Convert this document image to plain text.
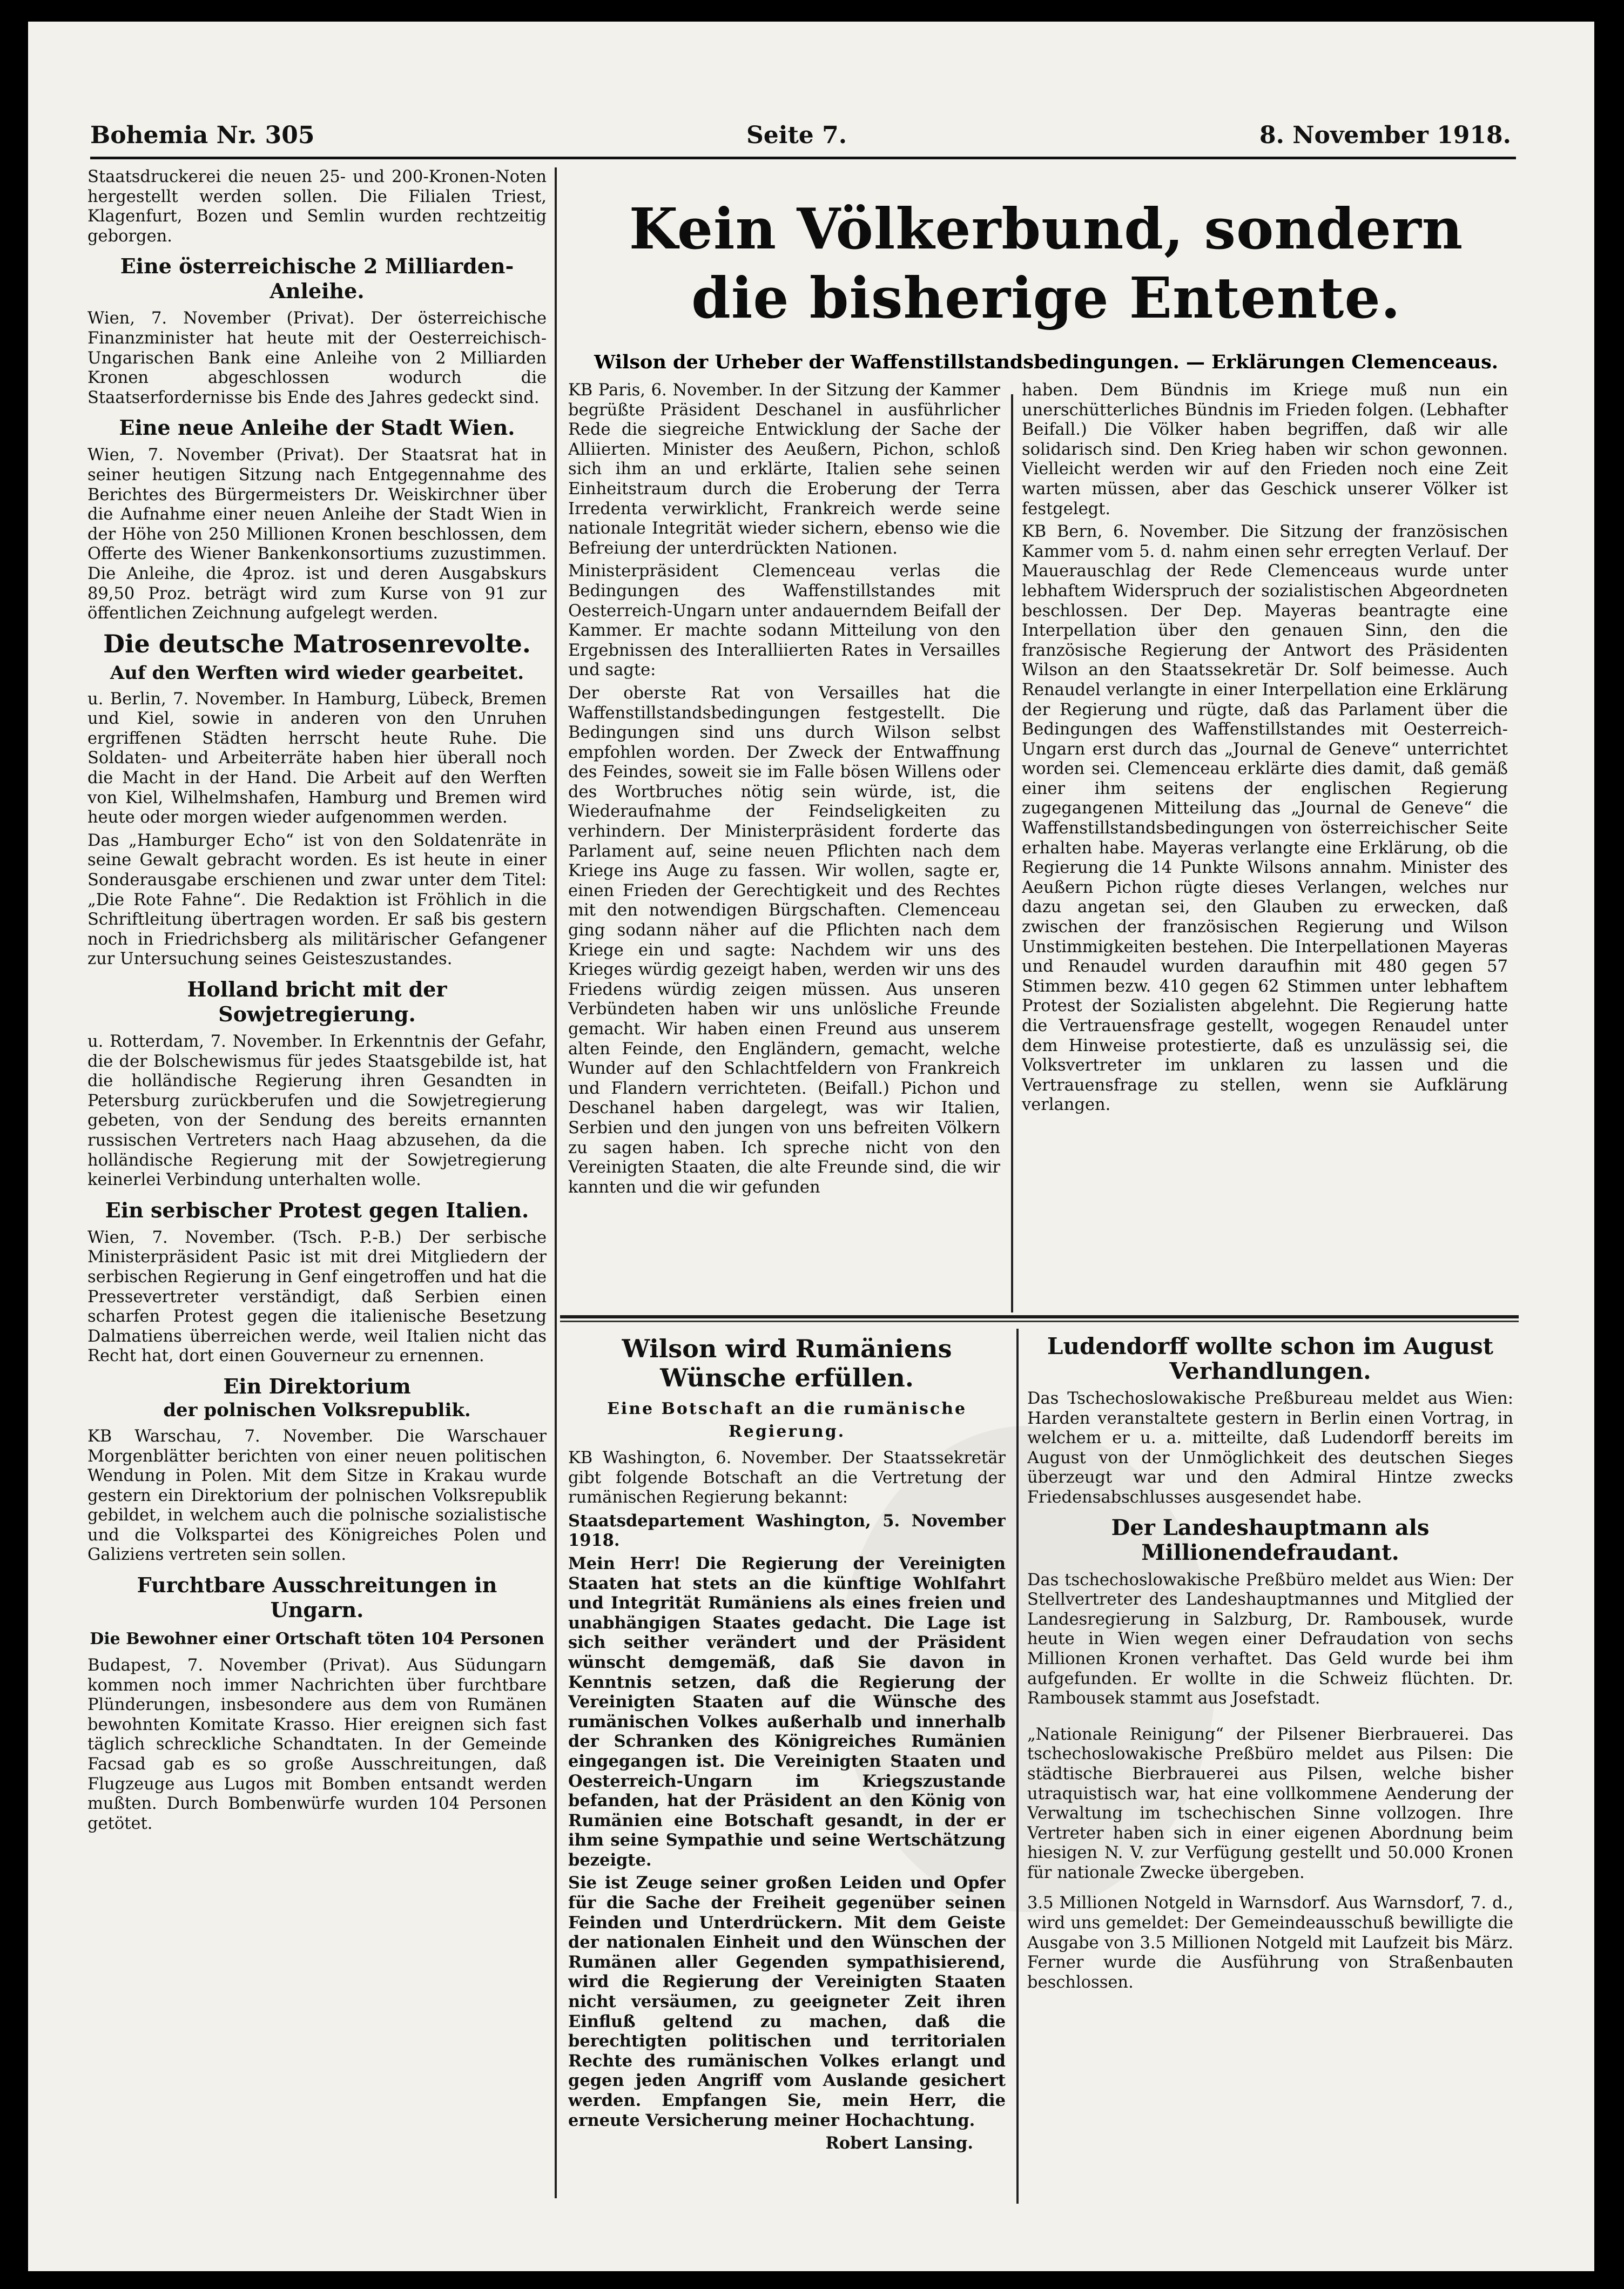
Bohemia Nr. 305	Seite 7.	8. November 1918.

Staatsdruckerei die neuen 25- und 200-Kronen-Noten hergestellt werden sollen. Die Filialen Triest, Klagenfurt, Bozen und Semlin wurden rechtzeitig geborgen.

Eine österreichische 2 Milliarden-Anleihe.

Wien, 7. November (Privat). Der österreichische Finanzminister hat heute mit der Oesterreichisch-Ungarischen Bank eine Anleihe von 2 Milliarden Kronen abgeschlossen wodurch die Staatserfordernisse bis Ende des Jahres gedeckt sind.

Eine neue Anleihe der Stadt Wien.

Wien, 7. November (Privat). Der Staatsrat hat in seiner heutigen Sitzung nach Entgegennahme des Berichtes des Bürgermeisters Dr. Weiskirchner über die Aufnahme einer neuen Anleihe der Stadt Wien in der Höhe von 250 Millionen Kronen beschlossen, dem Offerte des Wiener Bankenkonsortiums zuzustimmen. Die Anleihe, die 4proz. ist und deren Ausgabskurs 89,50 Proz. beträgt wird zum Kurse von 91 zur öffentlichen Zeichnung aufgelegt werden.

Die deutsche Matrosenrevolte.
Auf den Werften wird wieder gearbeitet.

u. Berlin, 7. November. In Hamburg, Lübeck, Bremen und Kiel, sowie in anderen von den Unruhen ergriffenen Städten herrscht heute Ruhe. Die Soldaten- und Arbeiterräte haben hier überall noch die Macht in der Hand. Die Arbeit auf den Werften von Kiel, Wilhelmshafen, Hamburg und Bremen wird heute oder morgen wieder aufgenommen werden.

Das „Hamburger Echo“ ist von den Soldatenräte in seine Gewalt gebracht worden. Es ist heute in einer Sonderausgabe erschienen und zwar unter dem Titel: „Die Rote Fahne“. Die Redaktion ist Fröhlich in die Schriftleitung übertragen worden. Er saß bis gestern noch in Friedrichsberg als militärischer Gefangener zur Untersuchung seines Geisteszustandes.

Holland bricht mit der Sowjetregierung.

u. Rotterdam, 7. November. In Erkenntnis der Gefahr, die der Bolschewismus für jedes Staatsgebilde ist, hat die holländische Regierung ihren Gesandten in Petersburg zurückberufen und die Sowjetregierung gebeten, von der Sendung des bereits ernannten russischen Vertreters nach Haag abzusehen, da die holländische Regierung mit der Sowjetregierung keinerlei Verbindung unterhalten wolle.

Ein serbischer Protest gegen Italien.

Wien, 7. November. (Tsch. P.-B.) Der serbische Ministerpräsident Pasic ist mit drei Mitgliedern der serbischen Regierung in Genf eingetroffen und hat die Pressevertreter verständigt, daß Serbien einen scharfen Protest gegen die italienische Besetzung Dalmatiens überreichen werde, weil Italien nicht das Recht hat, dort einen Gouverneur zu ernennen.

Ein Direktorium
der polnischen Volksrepublik.

KB Warschau, 7. November. Die Warschauer Morgenblätter berichten von einer neuen politischen Wendung in Polen. Mit dem Sitze in Krakau wurde gestern ein Direktorium der polnischen Volksrepublik gebildet, in welchem auch die polnische sozialistische und die Volkspartei des Königreiches Polen und Galiziens vertreten sein sollen.

Furchtbare Ausschreitungen in Ungarn.
Die Bewohner einer Ortschaft töten 104 Personen

Budapest, 7. November (Privat). Aus Südungarn kommen noch immer Nachrichten über furchtbare Plünderungen, insbesondere aus dem von Rumänen bewohnten Komitate Krasso. Hier ereignen sich fast täglich schreckliche Schandtaten. In der Gemeinde Facsad gab es so große Ausschreitungen, daß Flugzeuge aus Lugos mit Bomben entsandt werden mußten. Durch Bombenwürfe wurden 104 Personen getötet.

Kein Völkerbund, sondern die bisherige Entente.
Wilson der Urheber der Waffenstillstandsbedingungen. — Erklärungen Clemenceaus.

KB Paris, 6. November. In der Sitzung der Kammer begrüßte Präsident Deschanel in ausführlicher Rede die siegreiche Entwicklung der Sache der Alliierten. Minister des Aeußern, Pichon, schloß sich ihm an und erklärte, Italien sehe seinen Einheitstraum durch die Eroberung der Terra Irredenta verwirklicht, Frankreich werde seine nationale Integrität wieder sichern, ebenso wie die Befreiung der unterdrückten Nationen.

Ministerpräsident Clemenceau verlas die Bedingungen des Waffenstillstandes mit Oesterreich-Ungarn unter andauerndem Beifall der Kammer. Er machte sodann Mitteilung von den Ergebnissen des Interalliierten Rates in Versailles und sagte:

Der oberste Rat von Versailles hat die Waffenstillstandsbedingungen festgestellt. Die Bedingungen sind uns durch Wilson selbst empfohlen worden. Der Zweck der Entwaffnung des Feindes, soweit sie im Falle bösen Willens oder des Wortbruches nötig sein würde, ist, die Wiederaufnahme der Feindseligkeiten zu verhindern. Der Ministerpräsident forderte das Parlament auf, seine neuen Pflichten nach dem Kriege ins Auge zu fassen. Wir wollen, sagte er, einen Frieden der Gerechtigkeit und des Rechtes mit den notwendigen Bürgschaften. Clemenceau ging sodann näher auf die Pflichten nach dem Kriege ein und sagte: Nachdem wir uns des Krieges würdig gezeigt haben, werden wir uns des Friedens würdig zeigen müssen. Aus unseren Verbündeten haben wir uns unlösliche Freunde gemacht. Wir haben einen Freund aus unserem alten Feinde, den Engländern, gemacht, welche Wunder auf den Schlachtfeldern von Frankreich und Flandern verrichteten. (Beifall.) Pichon und Deschanel haben dargelegt, was wir Italien, Serbien und den jungen von uns befreiten Völkern zu sagen haben. Ich spreche nicht von den Vereinigten Staaten, die alte Freunde sind, die wir kannten und die wir gefunden

haben. Dem Bündnis im Kriege muß nun ein unerschütterliches Bündnis im Frieden folgen. (Lebhafter Beifall.) Die Völker haben begriffen, daß wir alle solidarisch sind. Den Krieg haben wir schon gewonnen. Vielleicht werden wir auf den Frieden noch eine Zeit warten müssen, aber das Geschick unserer Völker ist festgelegt.

KB Bern, 6. November. Die Sitzung der französischen Kammer vom 5. d. nahm einen sehr erregten Verlauf. Der Mauerauschlag der Rede Clemenceaus wurde unter lebhaftem Widerspruch der sozialistischen Abgeordneten beschlossen. Der Dep. Mayeras beantragte eine Interpellation über den genauen Sinn, den die französische Regierung der Antwort des Präsidenten Wilson an den Staatssekretär Dr. Solf beimesse. Auch Renaudel verlangte in einer Interpellation eine Erklärung der Regierung und rügte, daß das Parlament über die Bedingungen des Waffenstillstandes mit Oesterreich-Ungarn erst durch das „Journal de Geneve“ unterrichtet worden sei. Clemenceau erklärte dies damit, daß gemäß einer ihm seitens der englischen Regierung zugegangenen Mitteilung das „Journal de Geneve“ die Waffenstillstandsbedingungen von österreichischer Seite erhalten habe. Mayeras verlangte eine Erklärung, ob die Regierung die 14 Punkte Wilsons annahm. Minister des Aeußern Pichon rügte dieses Verlangen, welches nur dazu angetan sei, den Glauben zu erwecken, daß zwischen der französischen Regierung und Wilson Unstimmigkeiten bestehen. Die Interpellationen Mayeras und Renaudel wurden daraufhin mit 480 gegen 57 Stimmen bezw. 410 gegen 62 Stimmen unter lebhaftem Protest der Sozialisten abgelehnt. Die Regierung hatte die Vertrauensfrage gestellt, wogegen Renaudel unter dem Hinweise protestierte, daß es unzulässig sei, die Volksvertreter im unklaren zu lassen und die Vertrauensfrage zu stellen, wenn sie Aufklärung verlangen.

Wilson wird Rumäniens Wünsche erfüllen.
Eine Botschaft an die rumänische Regierung.

KB Washington, 6. November. Der Staatssekretär gibt folgende Botschaft an die Vertretung der rumänischen Regierung bekannt:

Staatsdepartement Washington, 5. November 1918.

Mein Herr! Die Regierung der Vereinigten Staaten hat stets an die künftige Wohlfahrt und Integrität Rumäniens als eines freien und unabhängigen Staates gedacht. Die Lage ist sich seither verändert und der Präsident wünscht demgemäß, daß Sie davon in Kenntnis setzen, daß die Regierung der Vereinigten Staaten auf die Wünsche des rumänischen Volkes außerhalb und innerhalb der Schranken des Königreiches Rumänien eingegangen ist. Die Vereinigten Staaten und Oesterreich-Ungarn im Kriegszustande befanden, hat der Präsident an den König von Rumänien eine Botschaft gesandt, in der er ihm seine Sympathie und seine Wertschätzung bezeigte.

Sie ist Zeuge seiner großen Leiden und Opfer für die Sache der Freiheit gegenüber seinen Feinden und Unterdrückern. Mit dem Geiste der nationalen Einheit und den Wünschen der Rumänen aller Gegenden sympathisierend, wird die Regierung der Vereinigten Staaten nicht versäumen, zu geeigneter Zeit ihren Einfluß geltend zu machen, daß die berechtigten politischen und territorialen Rechte des rumänischen Volkes erlangt und gegen jeden Angriff vom Auslande gesichert werden. Empfangen Sie, mein Herr, die erneute Versicherung meiner Hochachtung.

Robert Lansing.

Ludendorff wollte schon im August Verhandlungen.

Das Tschechoslowakische Preßbureau meldet aus Wien: Harden veranstaltete gestern in Berlin einen Vortrag, in welchem er u. a. mitteilte, daß Ludendorff bereits im August von der Unmöglichkeit des deutschen Sieges überzeugt war und den Admiral Hintze zwecks Friedensabschlusses ausgesendet habe.

Der Landeshauptmann als Millionendefraudant.

Das tschechoslowakische Preßbüro meldet aus Wien: Der Stellvertreter des Landeshauptmannes und Mitglied der Landesregierung in Salzburg, Dr. Rambousek, wurde heute in Wien wegen einer Defraudation von sechs Millionen Kronen verhaftet. Das Geld wurde bei ihm aufgefunden. Er wollte in die Schweiz flüchten. Dr. Rambousek stammt aus Josefstadt.

„Nationale Reinigung“ der Pilsener Bierbrauerei. Das tschechoslowakische Preßbüro meldet aus Pilsen: Die städtische Bierbrauerei aus Pilsen, welche bisher utraquistisch war, hat eine vollkommene Aenderung der Verwaltung im tschechischen Sinne vollzogen. Ihre Vertreter haben sich in einer eigenen Abordnung beim hiesigen N. V. zur Verfügung gestellt und 50.000 Kronen für nationale Zwecke übergeben.

3.5 Millionen Notgeld in Warnsdorf. Aus Warnsdorf, 7. d., wird uns gemeldet: Der Gemeindeausschuß bewilligte die Ausgabe von 3.5 Millionen Notgeld mit Laufzeit bis März. Ferner wurde die Ausführung von Straßenbauten beschlossen.
